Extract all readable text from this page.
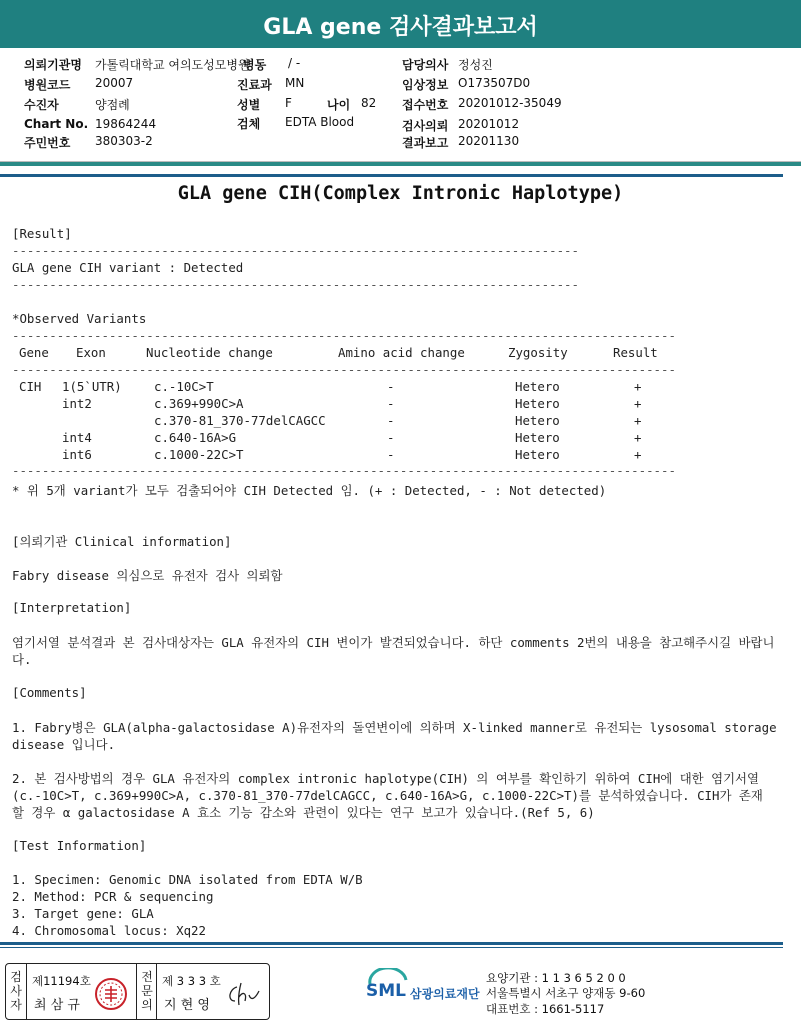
GLA gene 검사결과보고서
의뢰기관명 가톨릭대학교 여의도성모병원
병동 / -	담당의사 정성진
병원코드 20007	진료과 MN	임상정보 O173507D0
수진자	양점례	성별 F	나이 82 접수번호 20201012-35049
Chart No. 19864244	검체 EDTA Blood	검사의뢰 20201012
주민번호 380303-2	결과보고 20201130
GLA gene CIH(Complex Intronic Haplotype)
[Result]
----------------------------------------------------------------------------
GLA gene CIH variant : Detected
----------------------------------------------------------------------------
*Observed Variants
-----------------------------------------------------------------------------------------
Gene Exon	Nucleotide change	Amino acid change	Zygosity	Result
-----------------------------------------------------------------------------------------
CIH 1(5`UTR)	c.-10C>T	-	Hetero	+
int2	c.369+990C>A	-	Hetero	+
c.370-81_370-77delCAGCC	-	Hetero	+
int4	c.640-16A>G	-	Hetero	+
int6	c.1000-22C>T	-	Hetero	+
-----------------------------------------------------------------------------------------
* 위 5개 variant가 모두 검출되어야 CIH Detected 임. (+ : Detected, - : Not detected)
[의뢰기관 Clinical information]
Fabry disease 의심으로 유전자 검사 의뢰함
[Interpretation]
염기서열 분석결과 본 검사대상자는 GLA 유전자의 CIH 변이가 발견되었습니다. 하단 comments 2번의 내용을 참고해주시길 바랍니다.
[Comments]
1. Fabry병은 GLA(alpha-galactosidase A)유전자의 돌연변이에 의하며 X-linked manner로 유전되는 lysosomal storage disease 입니다.
2. 본 검사방법의 경우 GLA 유전자의 complex intronic haplotype(CIH) 의 여부를 확인하기 위하여 CIH에 대한 염기서열(c.-10C>T, c.369+990C>A, c.370-81_370-77delCAGCC, c.640-16A>G, c.1000-22C>T)를 분석하였습니다. CIH가 존재 할 경우 α galactosidase A 효소 기능 감소와 관련이 있다는 연구 보고가 있습니다.(Ref 5, 6)
[Test Information]
1. Specimen: Genomic DNA isolated from EDTA W/B
2. Method: PCR & sequencing
3. Target gene: GLA
4. Chromosomal locus: Xq22
검사자
제11194호
최 삼 규
전문의
제 3 3 3 호
지 현 영
SML 삼광의료재단
요양기관 : 1 1 3 6 5 2 0 0
서울특별시 서초구 양재동 9-60
대표번호 : 1661-5117
